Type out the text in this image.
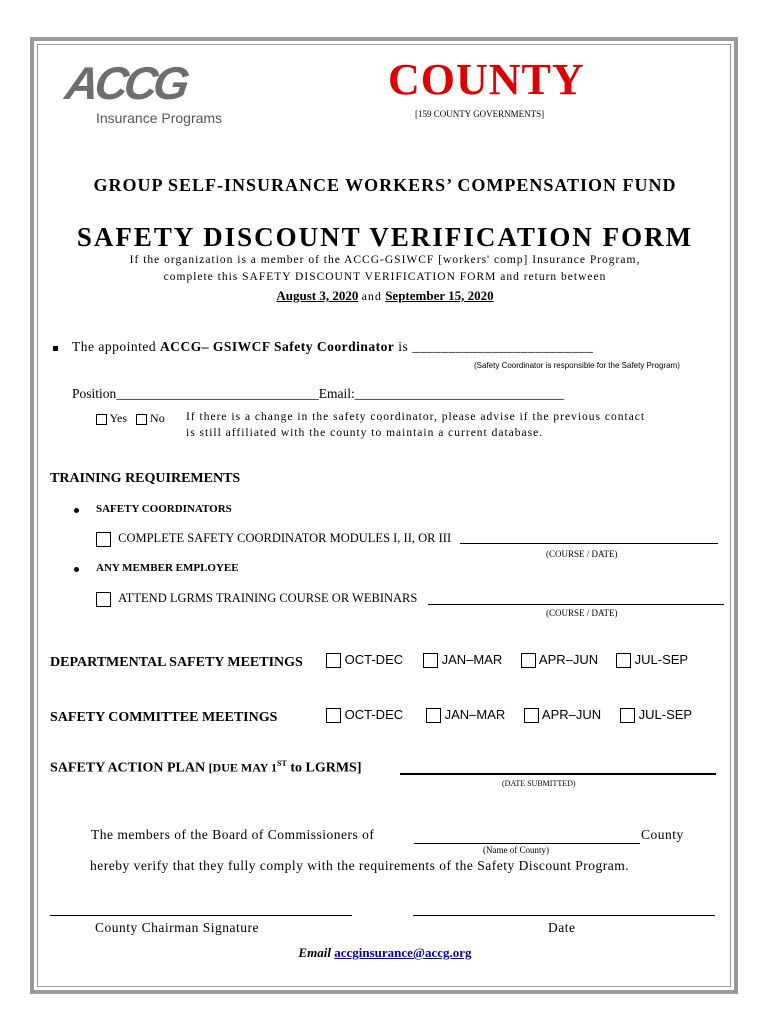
ACCG
Insurance Programs
COUNTY
[159 COUNTY GOVERNMENTS]
GROUP SELF-INSURANCE WORKERS’ COMPENSATION FUND
SAFETY DISCOUNT VERIFICATION FORM
If the organization is a member of the ACCG-GSIWCF [workers' comp] Insurance Program,
complete this SAFETY DISCOUNT VERIFICATION FORM and return between
August 3, 2020 and September 15, 2020
The appointed ACCG– GSIWCF Safety Coordinator is _________________________
(Safety Coordinator is responsible for the Safety Program)
Position______________________________Email:_______________________________
Yes No If there is a change in the safety coordinator, please advise if the previous contact
is still affiliated with the county to maintain a current database.
TRAINING REQUIREMENTS
SAFETY COORDINATORS
COMPLETE SAFETY COORDINATOR MODULES I, II, OR III
(COURSE / DATE)
ANY MEMBER EMPLOYEE
ATTEND LGRMS TRAINING COURSE OR WEBINARS
(COURSE / DATE)
DEPARTMENTAL SAFETY MEETINGS	OCT-DEC	JAN–MAR	APR–JUN	JUL-SEP
SAFETY COMMITTEE MEETINGS	OCT-DEC	JAN–MAR	APR–JUN	JUL-SEP
SAFETY ACTION PLAN [DUE MAY 1ST to LGRMS]
(DATE SUBMITTED)
The members of the Board of Commissioners of	County
(Name of County)
hereby verify that they fully comply with the requirements of the Safety Discount Program.
County Chairman Signature	Date
Email accginsurance@accg.org
